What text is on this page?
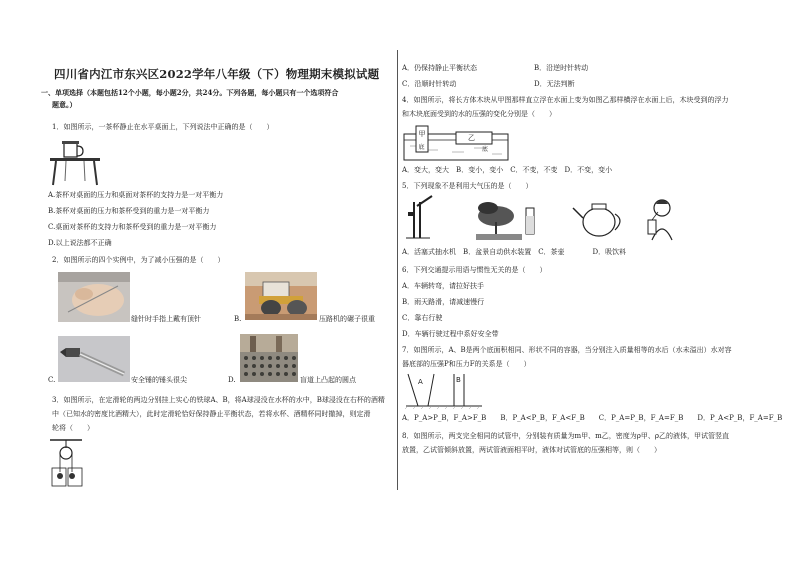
四川省内江市东兴区2022学年八年级（下）物理期末模拟试题
一、单项选择（本题包括12个小题，每小题2分，共24分。下列各题，每小题只有一个选项符合
题意。）
1．如图所示，一茶杯静止在水平桌面上，下列说法中正确的是（　　）
A.茶杯对桌面的压力和桌面对茶杯的支持力是一对平衡力
B.茶杯对桌面的压力和茶杯受到的重力是一对平衡力
C.桌面对茶杯的支持力和茶杯受到的重力是一对平衡力
D.以上说法都不正确
2．如图所示的四个实例中，为了减小压强的是（　　）
缝针时手指上戴有顶针	B.	压路机的碾子很重
C.	安全锤的锤头很尖	D.	盲道上凸起的圆点
3．如图所示，在定滑轮的两边分别挂上实心的铁球A、B，将A球浸没在水杯的水中，B球浸没在右杯的酒精
中（已知水的密度比酒精大），此时定滑轮恰好保持静止平衡状态，若将水杯、酒精杯同时撤掉，则定滑
轮将（　　）
A．仍保持静止平衡状态	B．沿逆时针转动
C．沿顺时针转动	D．无法判断
4．如图所示，将长方体木块从甲图那样直立浮在水面上变为如图乙那样横浮在水面上后，木块受到的浮力
和木块底面受到的水的压强的变化分别是（　　）
甲
底
乙
底
A．变大，变大　B．变小，变小　C．不变，不变　D．不变，变小
5．下列现象不是利用大气压的是（　　）
A．活塞式抽水机　B．盆景自动供水装置　C．茶壶　　　　D．吸饮料
6．下列交通提示用语与惯性无关的是（　　）
A．车辆转弯，请拉好扶手
B．雨天路滑，请减速慢行
C．靠右行驶
D．车辆行驶过程中系好安全带
7．如图所示，A、B是两个底面积相同、形状不同的容器，当分别注入质量相等的水后（水未溢出）水对容
器底部的压强P和压力F的关系是（　　）
A	B
A．P_A>P_B，F_A>F_B　　B．P_A<P_B，F_A<F_B　　C．P_A=P_B，F_A=F_B　　D．P_A<P_B，F_A=F_B
8．如图所示，两支完全相同的试管中，分别装有质量为m甲、m乙，密度为ρ甲、ρ乙的液体，甲试管竖直
放置，乙试管倾斜放置，两试管液面相平时，液体对试管底的压强相等，则（　　）
